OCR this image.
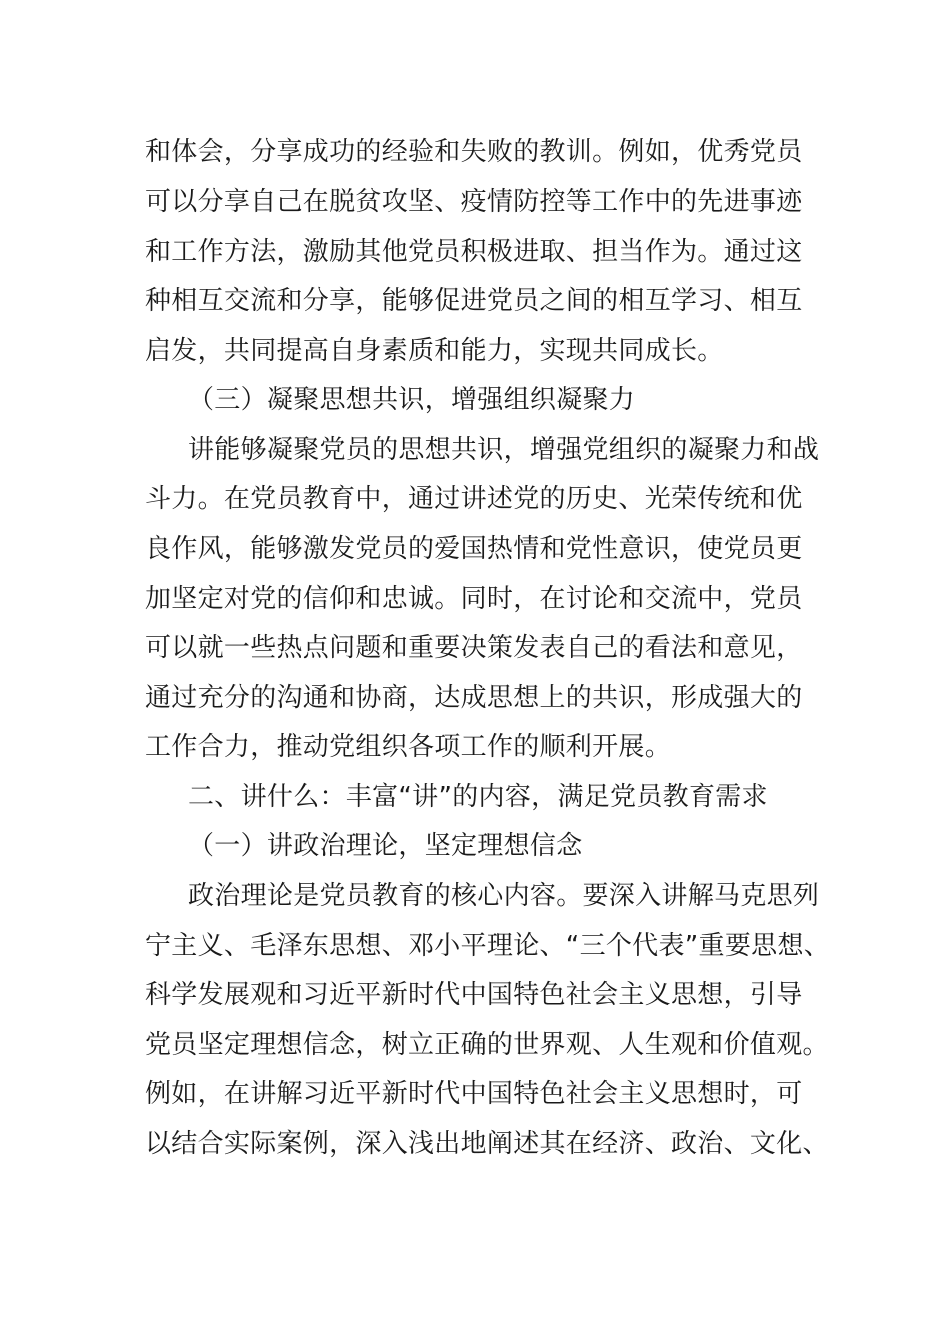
和体会，分享成功的经验和失败的教训。例如，优秀党员
可以分享自己在脱贫攻坚、疫情防控等工作中的先进事迹
和工作方法，激励其他党员积极进取、担当作为。通过这
种相互交流和分享，能够促进党员之间的相互学习、相互
启发，共同提高自身素质和能力，实现共同成长。
（三）凝聚思想共识，增强组织凝聚力
讲能够凝聚党员的思想共识，增强党组织的凝聚力和战
斗力。在党员教育中，通过讲述党的历史、光荣传统和优
良作风，能够激发党员的爱国热情和党性意识，使党员更
加坚定对党的信仰和忠诚。同时，在讨论和交流中，党员
可以就一些热点问题和重要决策发表自己的看法和意见，
通过充分的沟通和协商，达成思想上的共识，形成强大的
工作合力，推动党组织各项工作的顺利开展。
二、讲什么：丰富“讲”的内容，满足党员教育需求
（一）讲政治理论，坚定理想信念
政治理论是党员教育的核心内容。要深入讲解马克思列
宁主义、毛泽东思想、邓小平理论、“三个代表”重要思想、
科学发展观和习近平新时代中国特色社会主义思想，引导
党员坚定理想信念，树立正确的世界观、人生观和价值观。
例如，在讲解习近平新时代中国特色社会主义思想时，可
以结合实际案例，深入浅出地阐述其在经济、政治、文化、
